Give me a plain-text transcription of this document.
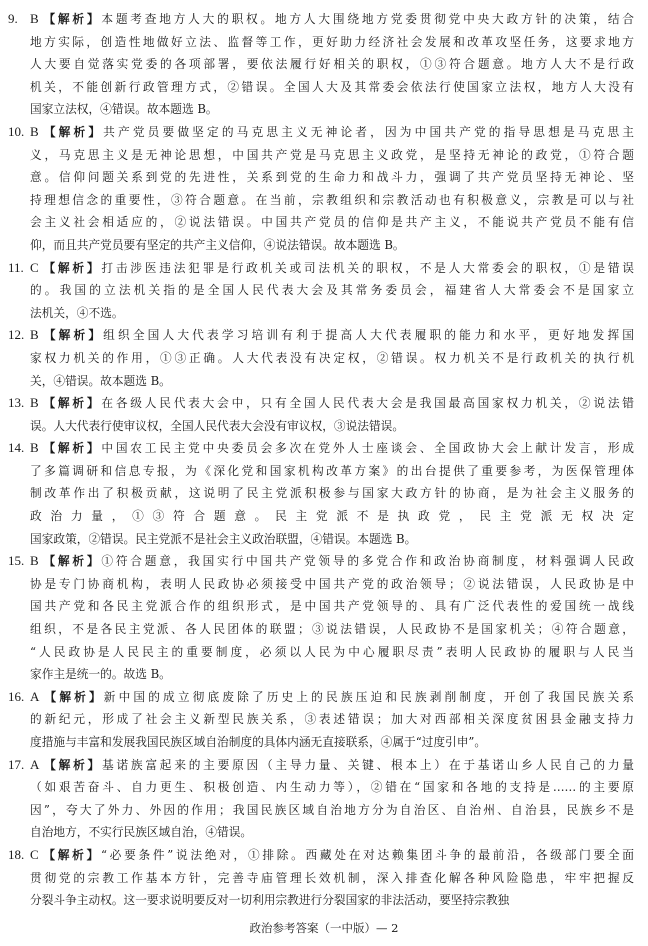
9. B 【解析】本题考查地方人大的职权。地方人大围绕地方党委贯彻党中央大政方针的决策，结合

地方实际，创造性地做好立法、监督等工作，更好助力经济社会发展和改革攻坚任务，这要求地方

人大要自觉落实党委的各项部署，要依法履行好相关的职权，①③符合题意。地方人大不是行政

机关，不能创新行政管理方式，②错误。全国人大及其常委会依法行使国家立法权，地方人大没有

国家立法权，④错误。故本题选 B。

10. B 【解析】共产党员要做坚定的马克思主义无神论者，因为中国共产党的指导思想是马克思主

义，马克思主义是无神论思想，中国共产党是马克思主义政党，是坚持无神论的政党，①符合题

意。信仰问题关系到党的先进性，关系到党的生命力和战斗力，强调了共产党员坚持无神论、坚

持理想信念的重要性，③符合题意。在当前，宗教组织和宗教活动也有积极意义，宗教是可以与社

会主义社会相适应的，②说法错误。中国共产党员的信仰是共产主义，不能说共产党员不能有信

仰，而且共产党员要有坚定的共产主义信仰，④说法错误。故本题选 B。

11. C 【解析】打击涉医违法犯罪是行政机关或司法机关的职权，不是人大常委会的职权，①是错误

的。我国的立法机关指的是全国人民代表大会及其常务委员会，福建省人大常委会不是国家立

法机关，④不选。

12. B 【解析】组织全国人大代表学习培训有利于提高人大代表履职的能力和水平，更好地发挥国

家权力机关的作用，①③正确。人大代表没有决定权，②错误。权力机关不是行政机关的执行机

关，④错误。故本题选 B。

13. B 【解析】在各级人民代表大会中，只有全国人民代表大会是我国最高国家权力机关，②说法错

误。人大代表行使审议权，全国人民代表大会没有审议权，③说法错误。

14. B 【解析】中国农工民主党中央委员会多次在党外人士座谈会、全国政协大会上献计发言，形成

了多篇调研和信息专报，为《深化党和国家机构改革方案》的出台提供了重要参考，为医保管理体

制改革作出了积极贡献，这说明了民主党派积极参与国家大政方针的协商，是为社会主义服务的

政治力量，①③符合题意。民主党派不是执政党，民主党派无权决定

国家政策，②错误。民主党派不是社会主义政治联盟，④错误。本题选 B。

15. B 【解析】①符合题意，我国实行中国共产党领导的多党合作和政治协商制度，材料强调人民政

协是专门协商机构，表明人民政协必须接受中国共产党的政治领导；②说法错误，人民政协是中

国共产党和各民主党派合作的组织形式，是中国共产党领导的、具有广泛代表性的爱国统一战线

组织，不是各民主党派、各人民团体的联盟；③说法错误，人民政协不是国家机关；④符合题意，

“人民政协是人民民主的重要制度，必须以人民为中心履职尽责”表明人民政协的履职与人民当

家作主是统一的。故选 B。

16. A 【解析】新中国的成立彻底废除了历史上的民族压迫和民族剥削制度，开创了我国民族关系

的新纪元，形成了社会主义新型民族关系，③表述错误；加大对西部相关深度贫困县金融支持力

度措施与丰富和发展我国民族区域自治制度的具体内涵无直接联系，④属于“过度引申”。

17. A 【解析】基诺族富起来的主要原因（主导力量、关键、根本上）在于基诺山乡人民自己的力量

（如艰苦奋斗、自力更生、积极创造、内生动力等），②错在“国家和各地的支持是……的主要原

因”，夸大了外力、外因的作用；我国民族区域自治地方分为自治区、自治州、自治县，民族乡不是

自治地方，不实行民族区域自治，④错误。

18. C 【解析】“必要条件”说法绝对，①排除。西藏处在对达赖集团斗争的最前沿，各级部门要全面

贯彻党的宗教工作基本方针，完善寺庙管理长效机制，深入排查化解各种风险隐患，牢牢把握反

分裂斗争主动权。这一要求说明要反对一切利用宗教进行分裂国家的非法活动，要坚持宗教独

政治参考答案（一中版）— 2
